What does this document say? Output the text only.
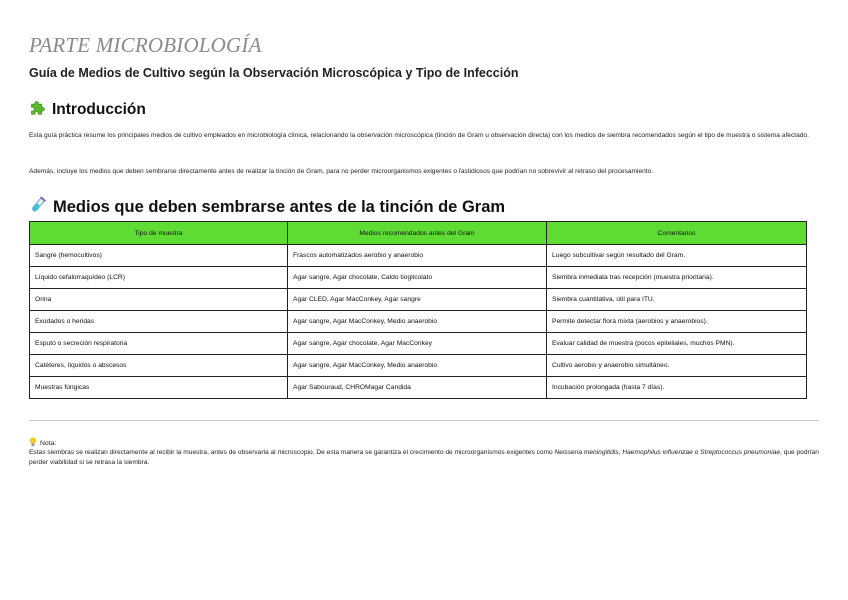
PARTE MICROBIOLOGÍA
Guía de Medios de Cultivo según la Observación Microscópica y Tipo de Infección
Introducción
Esta guía práctica resume los principales medios de cultivo empleados en microbiología clínica, relacionando la observación microscópica (tinción de Gram u observación directa) con los medios de siembra recomendados según el tipo de muestra o sistema afectado.
Además, incluye los medios que deben sembrarse directamente antes de realizar la tinción de Gram, para no perder microorganismos exigentes o fastidiosos que podrían no sobrevivir al retraso del procesamiento.
Medios que deben sembrarse antes de la tinción de Gram
Tipo de muestra	Medios recomendados antes del Gram	Comentarios
Sangre (hemocultivos)	Frascos automatizados aerobio y anaerobio	Luego subcultivar según resultado del Gram.
Líquido cefalorraquídeo (LCR)	Agar sangre, Agar chocolate, Caldo tioglicolato	Siembra inmediata tras recepción (muestra prioritaria).
Orina	Agar CLED, Agar MacConkey, Agar sangre	Siembra cuantitativa, útil para ITU.
Exudados o heridas	Agar sangre, Agar MacConkey, Medio anaerobio	Permite detectar flora mixta (aerobios y anaerobios).
Esputo o secreción respiratoria	Agar sangre, Agar chocolate, Agar MacConkey	Evaluar calidad de muestra (pocos epiteliales, muchos PMN).
Catéteres, líquidos o abscesos	Agar sangre, Agar MacConkey, Medio anaerobio	Cultivo aerobio y anaerobio simultáneo.
Muestras fúngicas	Agar Sabouraud, CHROMagar Candida	Incubación prolongada (hasta 7 días).
Nota:
Estas siembras se realizan directamente al recibir la muestra, antes de observarla al microscopio. De esta manera se garantiza el crecimiento de microorganismos exigentes como Neisseria meningitidis, Haemophilus influenzae o Streptococcus pneumoniae, que podrían perder viabilidad si se retrasa la siembra.
